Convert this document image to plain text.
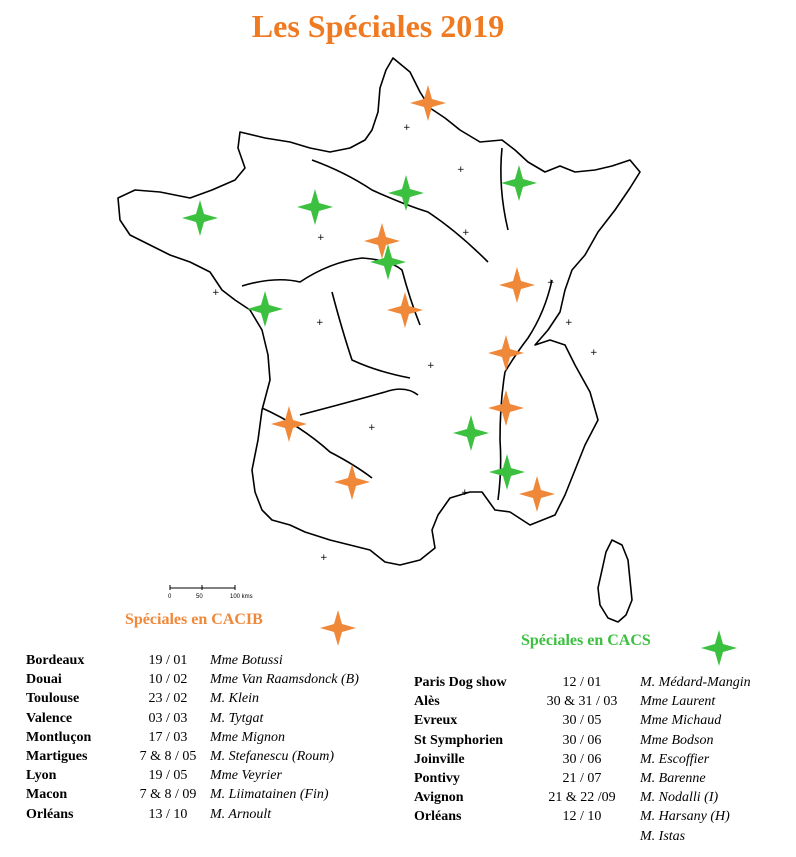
Les Spéciales 2019
+
+
+
+
+
+
+
+
+
+
+
+
+
0	50	100 kms
Spéciales en CACIB
Spéciales en CACS
Bordeaux	19 / 01	Mme Botussi
Douai	10 / 02	Mme Van Raamsdonck (B)
Toulouse	23 / 02	M. Klein
Valence	03 / 03	M. Tytgat
Montluçon	17 / 03	Mme Mignon
Martigues	7 & 8 / 05	M. Stefanescu (Roum)
Lyon	19 / 05	Mme Veyrier
Macon	7 & 8 / 09	M. Liimatainen (Fin)
Orléans	13 / 10	M. Arnoult
Paris Dog show	12 / 01	M. Médard-Mangin
Alès	30 & 31 / 03	Mme Laurent
Evreux	30 / 05	Mme Michaud
St Symphorien	30 / 06	Mme Bodson
Joinville	30 / 06	M. Escoffier
Pontivy	21 / 07	M. Barenne
Avignon	21 & 22 /09	M. Nodalli (I)
Orléans	12 / 10	M. Harsany (H)
		M. Istas
